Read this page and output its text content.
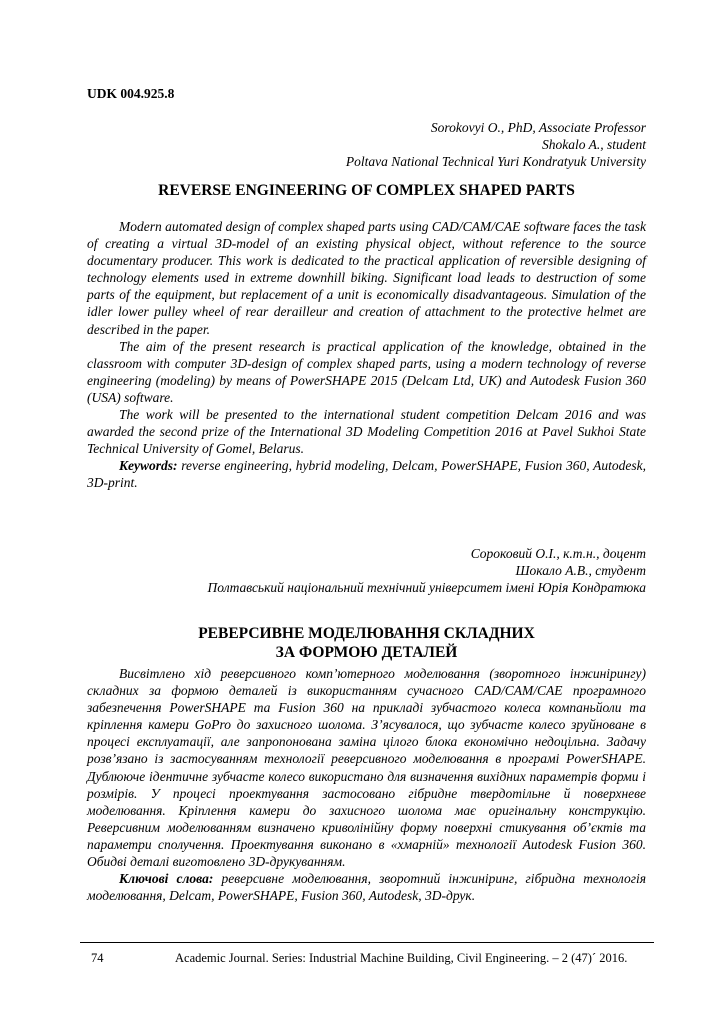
UDK 004.925.8
Sorokovyi O., PhD, Associate Professor
Shokalo A., student
Poltava National Technical Yuri Kondratyuk University
REVERSE ENGINEERING OF COMPLEX SHAPED PARTS

Modern automated design of complex shaped parts using CAD/CAM/CAE software faces the task of creating a virtual 3D-model of an existing physical object, without reference to the source documentary producer. This work is dedicated to the practical application of reversible designing of technology elements used in extreme downhill biking. Significant load leads to destruction of some parts of the equipment, but replacement of a unit is economically disadvantageous. Simulation of the idler lower pulley wheel of rear derailleur and creation of attachment to the protective helmet are described in the paper.

The aim of the present research is practical application of the knowledge, obtained in the classroom with computer 3D-design of complex shaped parts, using a modern technology of reverse engineering (modeling) by means of PowerSHAPE 2015 (Delcam Ltd, UK) and Autodesk Fusion 360 (USA) software.

The work will be presented to the international student competition Delcam 2016 and was awarded the second prize of the International 3D Modeling Competition 2016 at Pavel Sukhoi State Technical University of Gomel, Belarus.

Keywords: reverse engineering, hybrid modeling, Delcam, PowerSHAPE, Fusion 360, Autodesk, 3D-print.

Сороковий О.І., к.т.н., доцент
Шокало А.В., студент
Полтавський національний технічний університет імені Юрія Кондратюка
РЕВЕРСИВНЕ МОДЕЛЮВАННЯ СКЛАДНИХ
ЗА ФОРМОЮ ДЕТАЛЕЙ

Висвітлено хід реверсивного комп’ютерного моделювання (зворотного інжинірингу) складних за формою деталей із використанням сучасного CAD/CAM/CAE програмного забезпечення PowerSHAPE та Fusion 360 на прикладі зубчастого колеса компаньйоли та кріплення камери GoPro до захисного шолома. З’ясувалося, що зубчасте колесо зруйноване в процесі експлуатації, але запропонована заміна цілого блока економічно недоцільна. Задачу розв’язано із застосуванням технології реверсивного моделювання в програмі PowerSHAPE. Дублююче ідентичне зубчасте колесо використано для визначення вихідних параметрів форми і розмірів. У процесі проектування застосовано гібридне твердотільне й поверхневе моделювання. Кріплення камери до захисного шолома має оригінальну конструкцію. Реверсивним моделюванням визначено криволінійну форму поверхні стикування об’єктів та параметри сполучення. Проектування виконано в «хмарній» технології Autodesk Fusion 360. Обидві деталі виготовлено 3D-друкуванням.

Ключові слова: реверсивне моделювання, зворотний інжиніринг, гібридна технологія моделювання, Delcam, PowerSHAPE, Fusion 360, Autodesk, 3D-друк.

74	Academic Journal. Series: Industrial Machine Building, Civil Engineering. – 2 (47)´ 2016.
